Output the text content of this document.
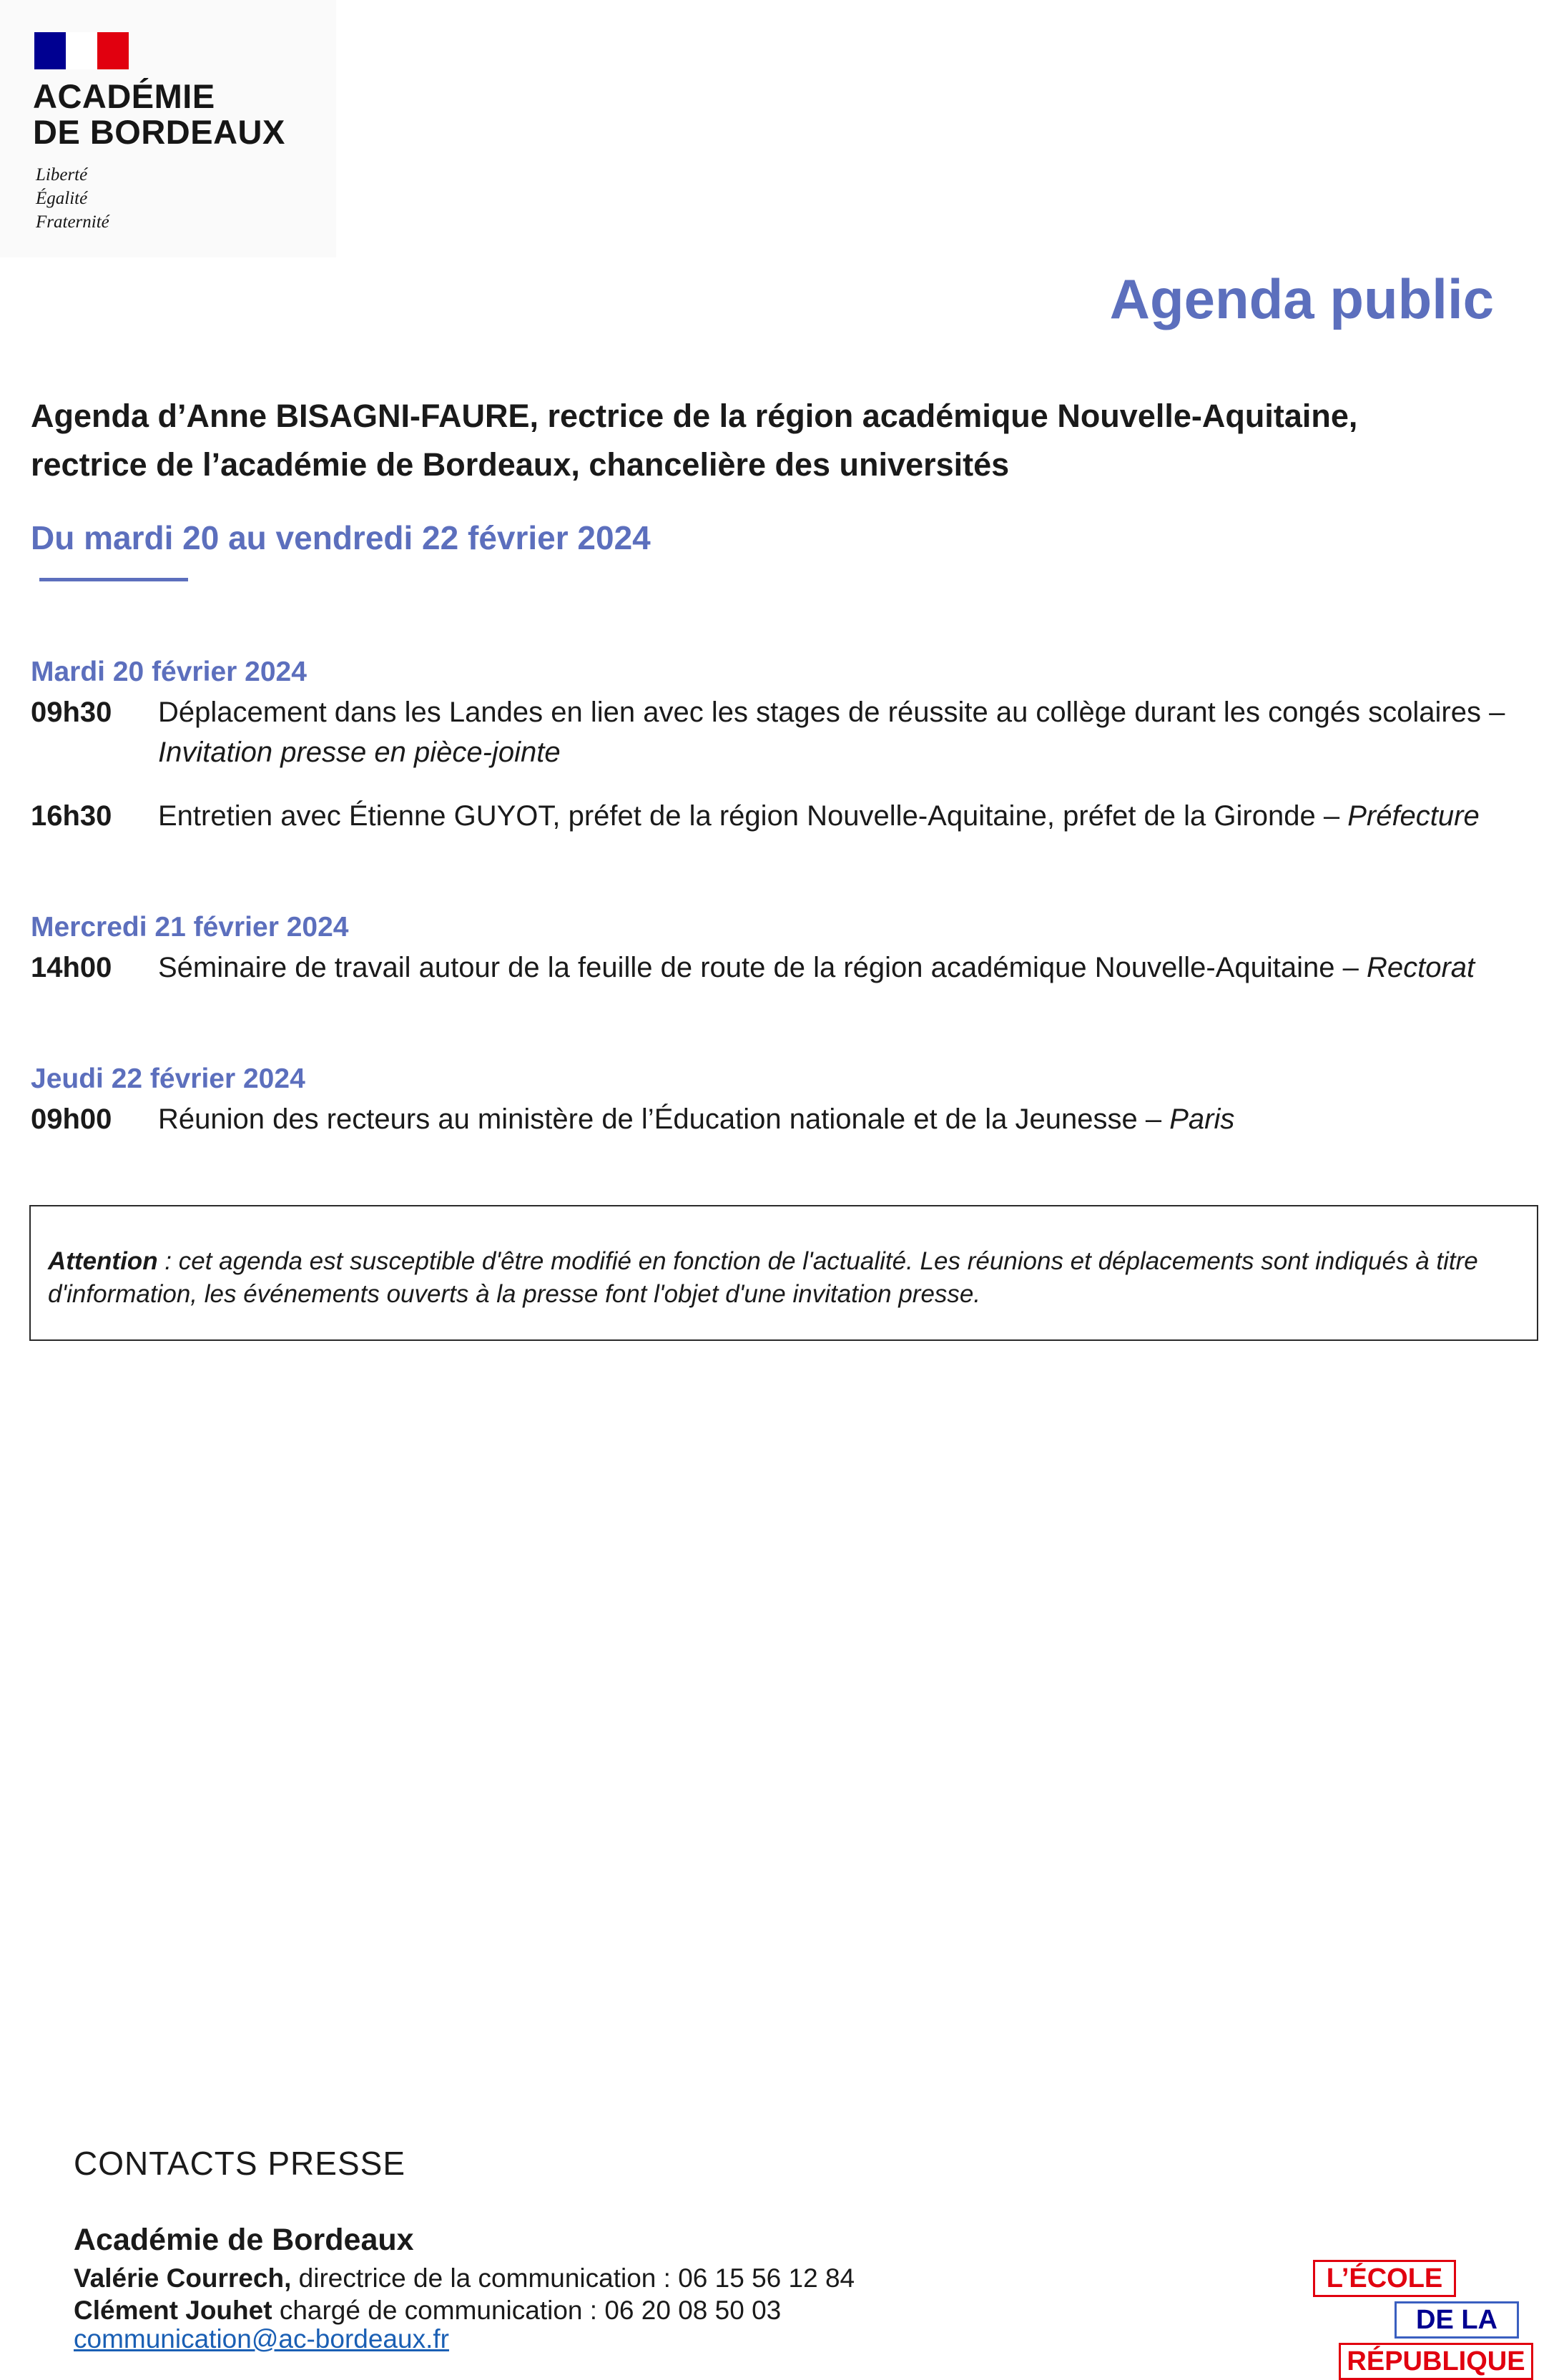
ACADÉMIE
DE BORDEAUX
Liberté
Égalité
Fraternité
Agenda public
Agenda d’Anne BISAGNI-FAURE, rectrice de la région académique Nouvelle-Aquitaine, rectrice de l’académie de Bordeaux, chancelière des universités
Du mardi 20 au vendredi 22 février 2024
Mardi 20 février 2024
09h30 Déplacement dans les Landes en lien avec les stages de réussite au collège durant les congés scolaires – Invitation presse en pièce-jointe
16h30 Entretien avec Étienne GUYOT, préfet de la région Nouvelle-Aquitaine, préfet de la Gironde – Préfecture
Mercredi 21 février 2024
14h00 Séminaire de travail autour de la feuille de route de la région académique Nouvelle-Aquitaine – Rectorat
Jeudi 22 février 2024
09h00 Réunion des recteurs au ministère de l’Éducation nationale et de la Jeunesse – Paris
Attention : cet agenda est susceptible d'être modifié en fonction de l'actualité. Les réunions et déplacements sont indiqués à titre d'information, les événements ouverts à la presse font l'objet d'une invitation presse.
CONTACTS PRESSE
Académie de Bordeaux
Valérie Courrech, directrice de la communication : 06 15 56 12 84
Clément Jouhet chargé de communication : 06 20 08 50 03
communication@ac-bordeaux.fr
L’ÉCOLE
DE LA
RÉPUBLIQUE
